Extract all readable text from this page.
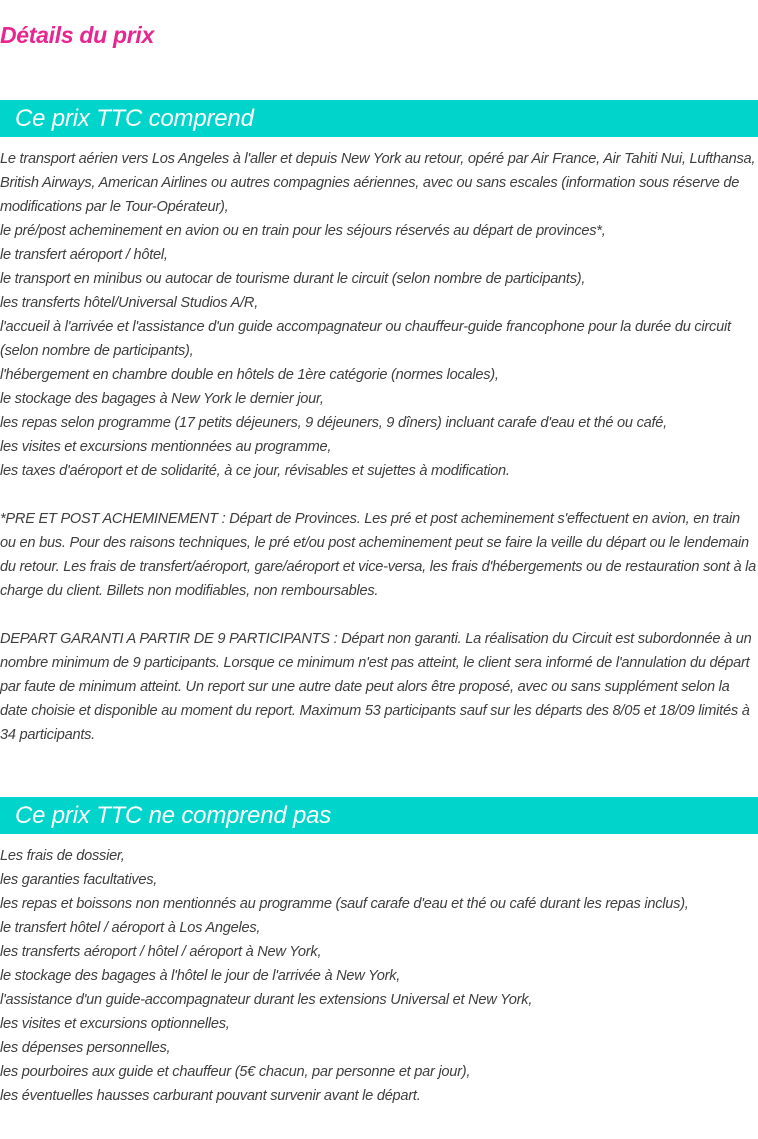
Détails du prix
Ce prix TTC comprend
Le transport aérien vers Los Angeles à l'aller et depuis New York au retour, opéré par Air France, Air Tahiti Nui, Lufthansa, British Airways, American Airlines ou autres compagnies aériennes, avec ou sans escales (information sous réserve de modifications par le Tour-Opérateur),
le pré/post acheminement en avion ou en train pour les séjours réservés au départ de provinces*,
le transfert aéroport / hôtel,
le transport en minibus ou autocar de tourisme durant le circuit (selon nombre de participants),
les transferts hôtel/Universal Studios A/R,
l'accueil à l'arrivée et l'assistance d'un guide accompagnateur ou chauffeur-guide francophone pour la durée du circuit (selon nombre de participants),
l'hébergement en chambre double en hôtels de 1ère catégorie (normes locales),
le stockage des bagages à New York le dernier jour,
les repas selon programme (17 petits déjeuners, 9 déjeuners, 9 dîners) incluant carafe d'eau et thé ou café,
les visites et excursions mentionnées au programme,
les taxes d'aéroport et de solidarité, à ce jour, révisables et sujettes à modification.
*PRE ET POST ACHEMINEMENT : Départ de Provinces. Les pré et post acheminement s'effectuent en avion, en train ou en bus. Pour des raisons techniques, le pré et/ou post acheminement peut se faire la veille du départ ou le lendemain du retour. Les frais de transfert/aéroport, gare/aéroport et vice-versa, les frais d'hébergements ou de restauration sont à la charge du client. Billets non modifiables, non remboursables.
DEPART GARANTI A PARTIR DE 9 PARTICIPANTS : Départ non garanti. La réalisation du Circuit est subordonnée à un nombre minimum de 9 participants. Lorsque ce minimum n'est pas atteint, le client sera informé de l'annulation du départ par faute de minimum atteint. Un report sur une autre date peut alors être proposé, avec ou sans supplément selon la date choisie et disponible au moment du report. Maximum 53 participants sauf sur les départs des 8/05 et 18/09 limités à 34 participants.
Ce prix TTC ne comprend pas
Les frais de dossier,
les garanties facultatives,
les repas et boissons non mentionnés au programme (sauf carafe d'eau et thé ou café durant les repas inclus),
le transfert hôtel / aéroport à Los Angeles,
les transferts aéroport / hôtel / aéroport à New York,
le stockage des bagages à l'hôtel le jour de l'arrivée à New York,
l'assistance d'un guide-accompagnateur durant les extensions Universal et New York,
les visites et excursions optionnelles,
les dépenses personnelles,
les pourboires aux guide et chauffeur (5€ chacun, par personne et par jour),
les éventuelles hausses carburant pouvant survenir avant le départ.
